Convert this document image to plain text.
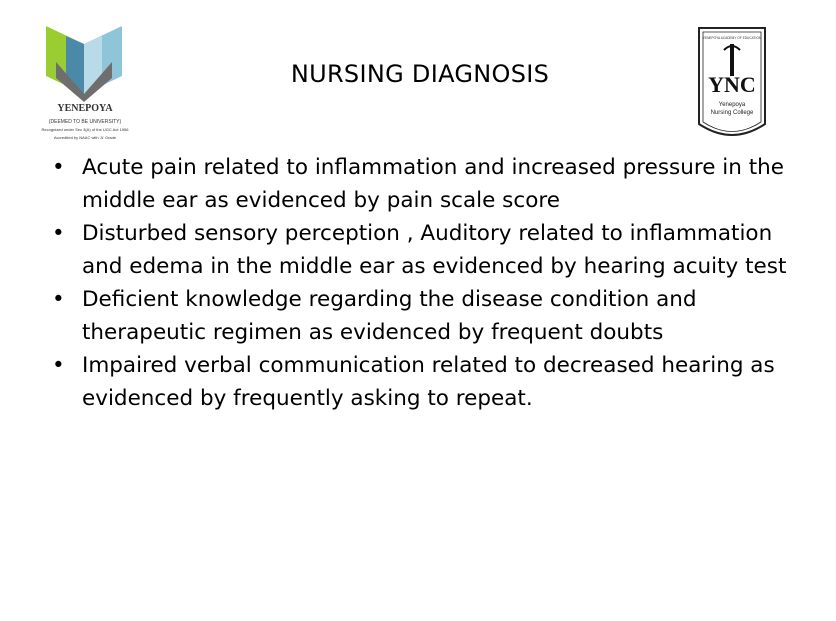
YENEPOYA
(DEEMED TO BE UNIVERSITY)
Recognized under Sec 3(A) of the UGC Act 1956
Accredited by NAAC with 'A' Grade
NURSING DIAGNOSIS
YENEPOYA ACADEMY OF EDUCATION
YNC
Yenepoya
Nursing College
• Acute pain related to inflammation and increased pressure in the middle ear as evidenced by pain scale score
• Disturbed sensory perception , Auditory related to inflammation and edema in the middle ear as evidenced by hearing acuity test
• Deficient knowledge regarding the disease condition and therapeutic regimen as evidenced by frequent doubts
• Impaired verbal communication related to decreased hearing as evidenced by frequently asking to repeat.
